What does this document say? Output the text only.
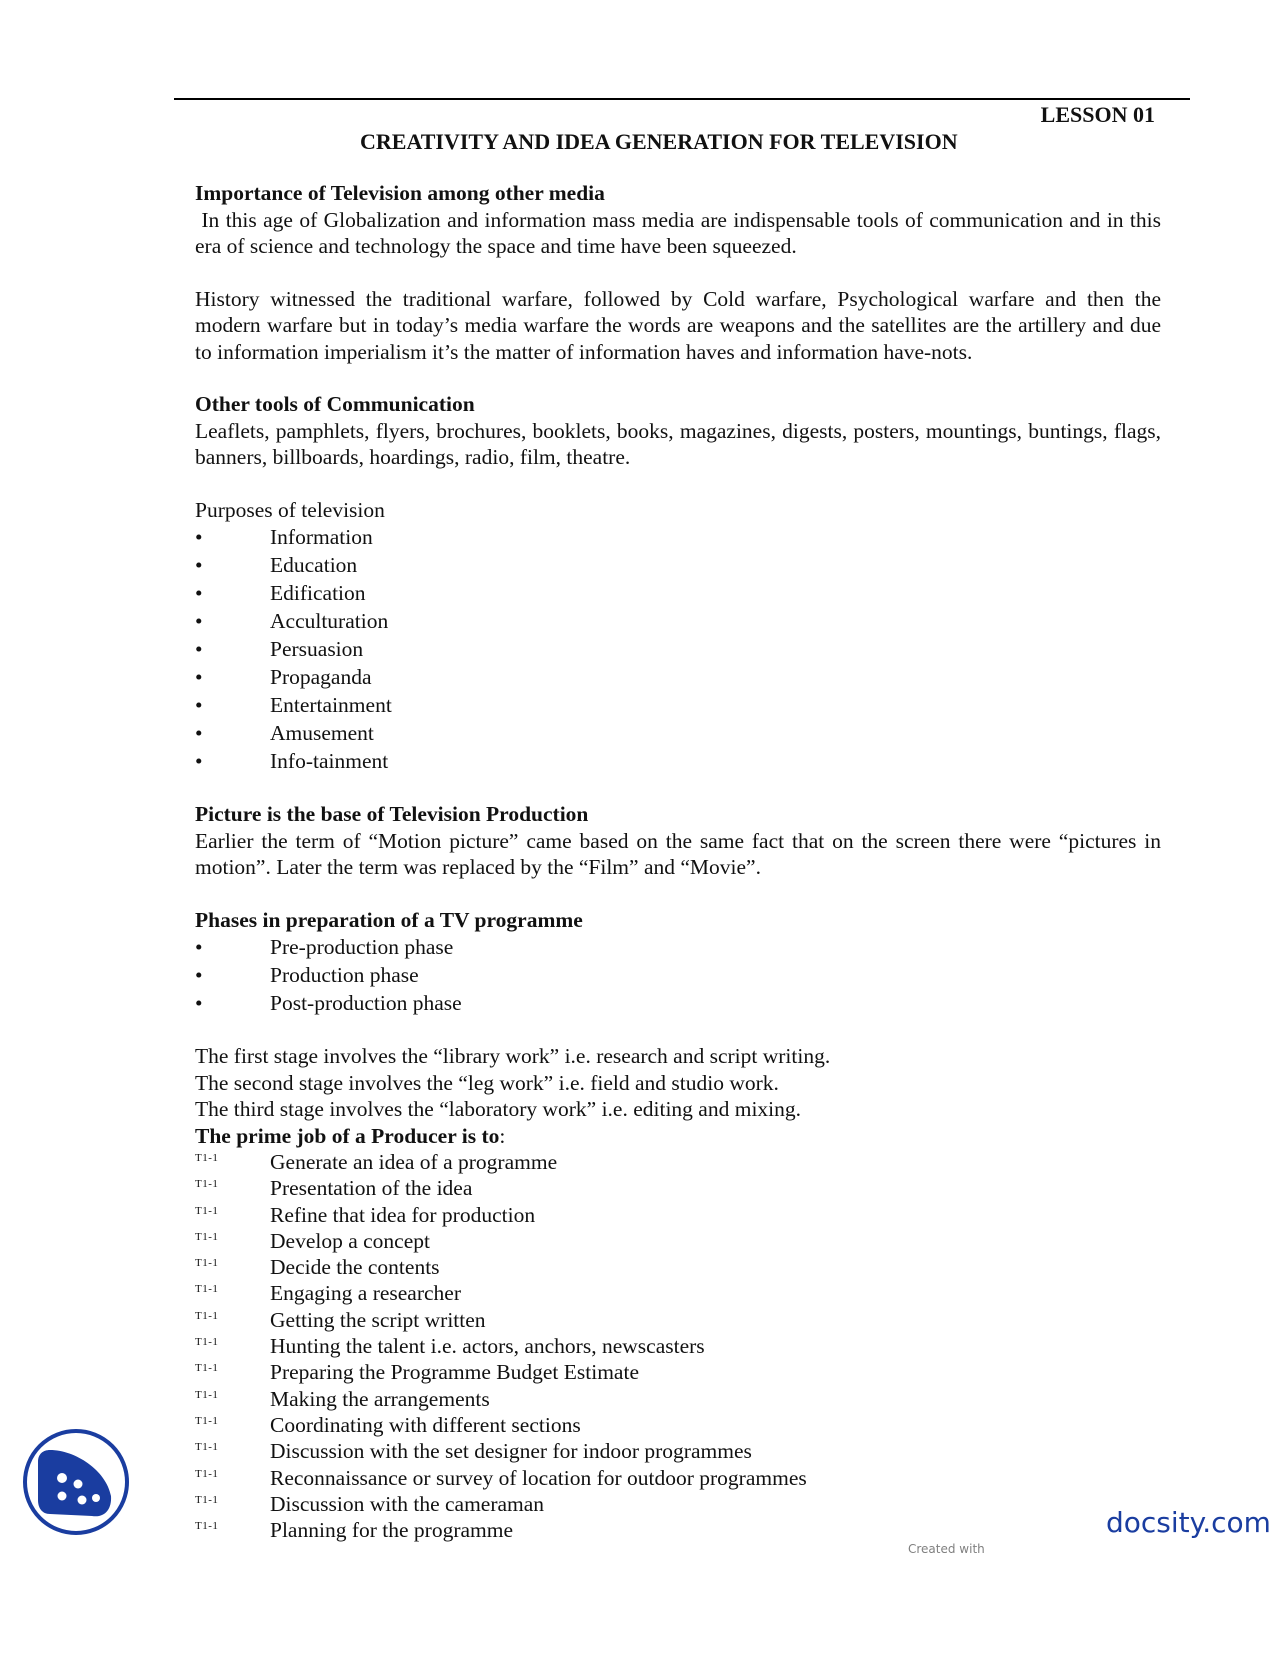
LESSON 01
CREATIVITY AND IDEA GENERATION FOR TELEVISION

Importance of Television among other media

In this age of Globalization and information mass media are indispensable tools of communication and in this era of science and technology the space and time have been squeezed.

History witnessed the traditional warfare, followed by Cold warfare, Psychological warfare and then the modern warfare but in today’s media warfare the words are weapons and the satellites are the artillery and due to information imperialism it’s the matter of information haves and information have-nots.

Other tools of Communication

Leaflets, pamphlets, flyers, brochures, booklets, books, magazines, digests, posters, mountings, buntings, flags, banners, billboards, hoardings, radio, film, theatre.

Purposes of television

•	Information
•	Education
•	Edification
•	Acculturation
•	Persuasion
•	Propaganda
•	Entertainment
•	Amusement
•	Info-tainment

Picture is the base of Television Production

Earlier the term of “Motion picture” came based on the same fact that on the screen there were “pictures in motion”. Later the term was replaced by the “Film” and “Movie”.

Phases in preparation of a TV programme

•	Pre-production phase
•	Production phase
•	Post-production phase

The first stage involves the “library work” i.e. research and script writing.

The second stage involves the “leg work” i.e. field and studio work.

The third stage involves the “laboratory work” i.e. editing and mixing.

The prime job of a Producer is to:

T1-1 Generate an idea of a programme
T1-1 Presentation of the idea
T1-1 Refine that idea for production
T1-1 Develop a concept
T1-1 Decide the contents
T1-1 Engaging a researcher
T1-1 Getting the script written
T1-1 Hunting the talent i.e. actors, anchors, newscasters
T1-1 Preparing the Programme Budget Estimate
T1-1 Making the arrangements
T1-1 Coordinating with different sections
T1-1 Discussion with the set designer for indoor programmes
T1-1 Reconnaissance or survey of location for outdoor programmes
T1-1 Discussion with the cameraman
T1-1 Planning for the programme
Created with
docsity.com
